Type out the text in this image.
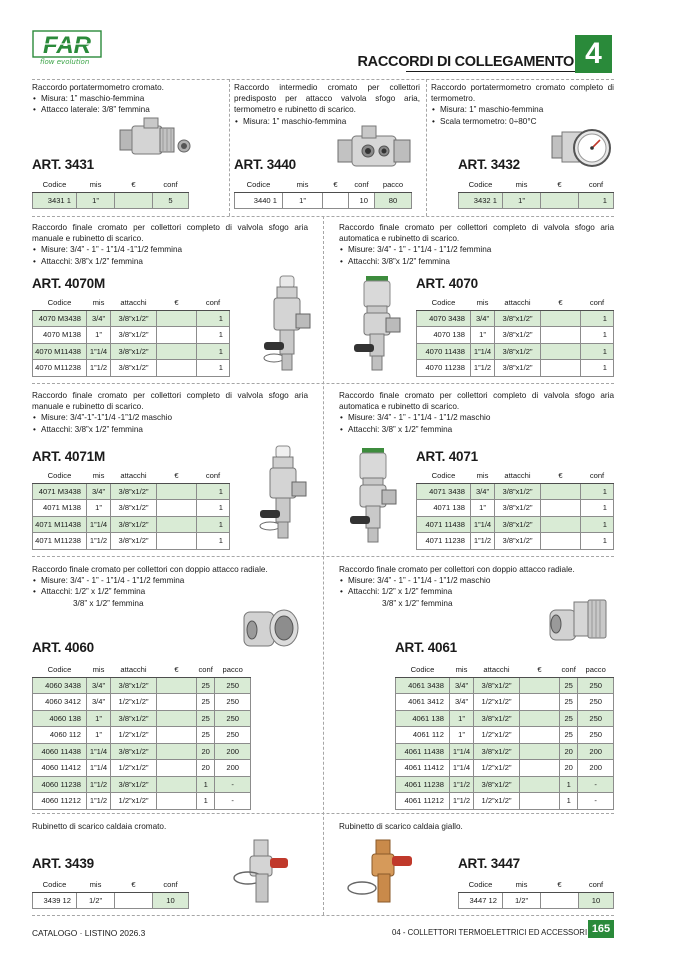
FAR
flow evolution	RACCORDI DI COLLEGAMENTO 4
Raccordo portatermometro cromato.
• Misura: 1” maschio-femmina
• Attacco laterale: 3/8” femmina
ART. 3431
Codice	mis	€	conf
3431 1	1”		5
Raccordo intermedio cromato per collettori predisposto per attacco valvola sfogo aria, termometro e rubinetto di scarico.
• Misura: 1” maschio-femmina
ART. 3440
Codice	mis	€	conf	pacco
3440 1	1”		10	80
Raccordo portatermometro cromato completo di termometro.
• Misura: 1” maschio-femmina
• Scala termometro: 0÷80°C
ART. 3432
Codice	mis	€	conf
3432 1	1”		1
Raccordo finale cromato per collettori completo di valvola sfogo aria manuale e rubinetto di scarico.
• Misure: 3/4” - 1” - 1”1/4 -1”1/2 femmina
• Attacchi: 3/8”x 1/2” femmina
ART. 4070M
Codice	mis	attacchi	€	conf
4070 M3438	3/4”	3/8”x1/2”		1
4070 M138	1”	3/8”x1/2”		1
4070 M11438	1”1/4	3/8”x1/2”		1
4070 M11238	1”1/2	3/8”x1/2”		1
Raccordo finale cromato per collettori completo di valvola sfogo aria automatica e rubinetto di scarico.
• Misure: 3/4” - 1” - 1”1/4 - 1”1/2 femmina
• Attacchi: 3/8”x 1/2” femmina
ART. 4070
Codice	mis	attacchi	€	conf
4070 3438	3/4”	3/8”x1/2”		1
4070 138	1”	3/8”x1/2”		1
4070 11438	1”1/4	3/8”x1/2”		1
4070 11238	1”1/2	3/8”x1/2”		1
Raccordo finale cromato per collettori completo di valvola sfogo aria manuale e rubinetto di scarico.
• Misure: 3/4”-1”-1”1/4 -1”1/2 maschio
• Attacchi: 3/8”x 1/2” femmina
ART. 4071M
Codice	mis	attacchi	€	conf
4071 M3438	3/4”	3/8”x1/2”		1
4071 M138	1”	3/8”x1/2”		1
4071 M11438	1”1/4	3/8”x1/2”		1
4071 M11238	1”1/2	3/8”x1/2”		1
Raccordo finale cromato per collettori completo di valvola sfogo aria automatica e rubinetto di scarico.
• Misure: 3/4” - 1” - 1”1/4 - 1”1/2 maschio
• Attacchi: 3/8” x 1/2” femmina
ART. 4071
Codice	mis	attacchi	€	conf
4071 3438	3/4”	3/8”x1/2”		1
4071 138	1”	3/8”x1/2”		1
4071 11438	1”1/4	3/8”x1/2”		1
4071 11238	1”1/2	3/8”x1/2”		1
Raccordo finale cromato per collettori con doppio attacco radiale.
• Misure: 3/4” - 1” - 1”1/4 - 1”1/2 femmina
• Attacchi: 1/2” x 1/2” femmina
3/8” x 1/2” femmina
ART. 4060
Codice	mis	attacchi	€	conf	pacco
4060 3438	3/4”	3/8”x1/2”		25	250
4060 3412	3/4”	1/2”x1/2”		25	250
4060 138	1”	3/8”x1/2”		25	250
4060 112	1”	1/2”x1/2”		25	250
4060 11438	1”1/4	3/8”x1/2”		20	200
4060 11412	1”1/4	1/2”x1/2”		20	200
4060 11238	1”1/2	3/8”x1/2”		1	-
4060 11212	1”1/2	1/2”x1/2”		1	-
Raccordo finale cromato per collettori con doppio attacco radiale.
• Misure: 3/4” - 1” - 1”1/4 - 1”1/2 maschio
• Attacchi: 1/2” x 1/2” femmina
3/8” x 1/2” femmina
ART. 4061
Codice	mis	attacchi	€	conf	pacco
4061 3438	3/4”	3/8”x1/2”		25	250
4061 3412	3/4”	1/2”x1/2”		25	250
4061 138	1”	3/8”x1/2”		25	250
4061 112	1”	1/2”x1/2”		25	250
4061 11438	1”1/4	3/8”x1/2”		20	200
4061 11412	1”1/4	1/2”x1/2”		20	200
4061 11238	1”1/2	3/8”x1/2”		1	-
4061 11212	1”1/2	1/2”x1/2”		1	-
Rubinetto di scarico caldaia cromato.
ART. 3439
Codice	mis	€	conf
3439 12	1/2”		10
Rubinetto di scarico caldaia giallo.
ART. 3447
Codice	mis	€	conf
3447 12	1/2”		10
CATALOGO · LISTINO 2026.3	04 - COLLETTORI TERMOELETTRICI ED ACCESSORI 165
